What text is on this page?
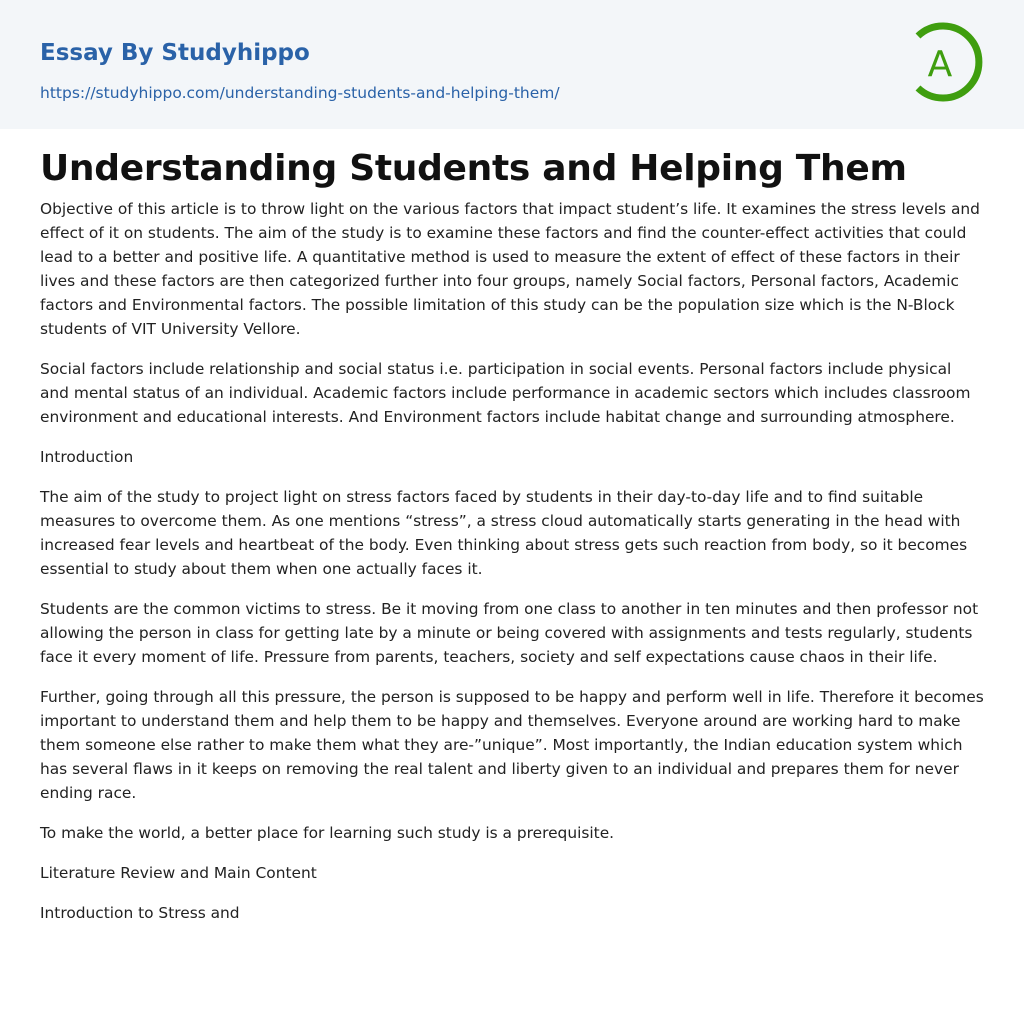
Essay By Studyhippo
https://studyhippo.com/understanding-students-and-helping-them/
A
Understanding Students and Helping Them

Objective of this article is to throw light on the various factors that impact student’s life. It examines the stress levels and effect of it on students. The aim of the study is to examine these factors and find the counter-effect activities that could lead to a better and positive life. A quantitative method is used to measure the extent of effect of these factors in their lives and these factors are then categorized further into four groups, namely Social factors, Personal factors, Academic factors and Environmental factors. The possible limitation of this study can be the population size which is the N-Block students of VIT University Vellore.

Social factors include relationship and social status i.e. participation in social events. Personal factors include physical and mental status of an individual. Academic factors include performance in academic sectors which includes classroom environment and educational interests. And Environment factors include habitat change and surrounding atmosphere.

Introduction

The aim of the study to project light on stress factors faced by students in their day-to-day life and to find suitable measures to overcome them. As one mentions “stress”, a stress cloud automatically starts generating in the head with increased fear levels and heartbeat of the body. Even thinking about stress gets such reaction from body, so it becomes essential to study about them when one actually faces it.

Students are the common victims to stress. Be it moving from one class to another in ten minutes and then professor not allowing the person in class for getting late by a minute or being covered with assignments and tests regularly, students face it every moment of life. Pressure from parents, teachers, society and self expectations cause chaos in their life.

Further, going through all this pressure, the person is supposed to be happy and perform well in life. Therefore it becomes important to understand them and help them to be happy and themselves. Everyone around are working hard to make them someone else rather to make them what they are-”unique”. Most importantly, the Indian education system which has several flaws in it keeps on removing the real talent and liberty given to an individual and prepares them for never ending race.

To make the world, a better place for learning such study is a prerequisite.

Literature Review and Main Content

Introduction to Stress and
